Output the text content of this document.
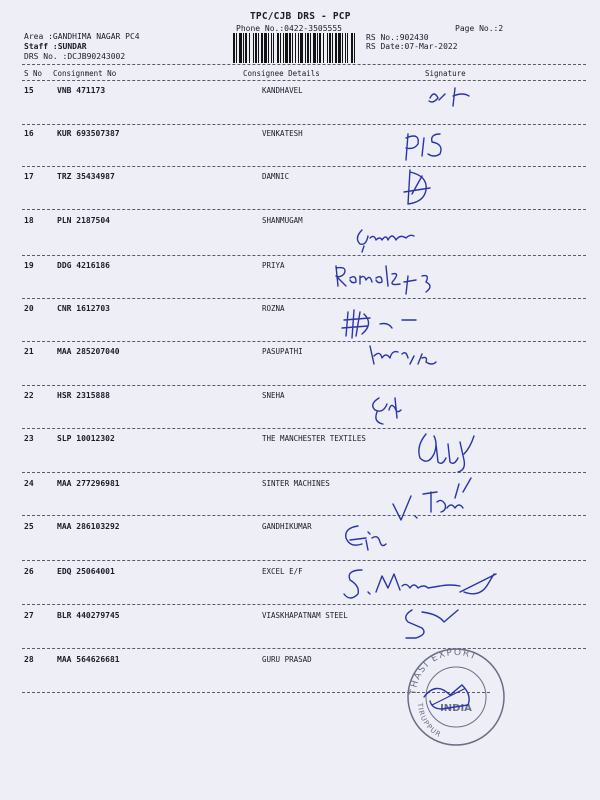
TPC/CJB DRS - PCP
Phone No.:0422-3505555	Page No.:2
Area :GANDHIMA NAGAR PC4
Staff :SUNDAR
DRS No. :DCJB90243002
RS No.:902430
RS Date:07-Mar-2022
S No Consignment No	Consignee Details	Signature
15	VNB 471173	KANDHAVEL
16	KUR 693507387	VENKATESH
17	TRZ 35434987	DAMNIC
18	PLN 2187504	SHANMUGAM
19	DDG 4216186	PRIYA
20	CNR 1612703	ROZNA
21	MAA 285207040	PASUPATHI
22	HSR 2315888	SNEHA
23	SLP 10012302	THE MANCHESTER TEXTILES
24	MAA 277296981	SINTER MACHINES
25	MAA 286103292	GANDHIKUMAR
26	EDQ 25064001	EXCEL E/F
27	BLR 440279745	VIASKHAPATNAM STEEL
28	MAA 564626681	GURU PRASAD
THASI EXPORT
TIRUPPUR
INDIA
